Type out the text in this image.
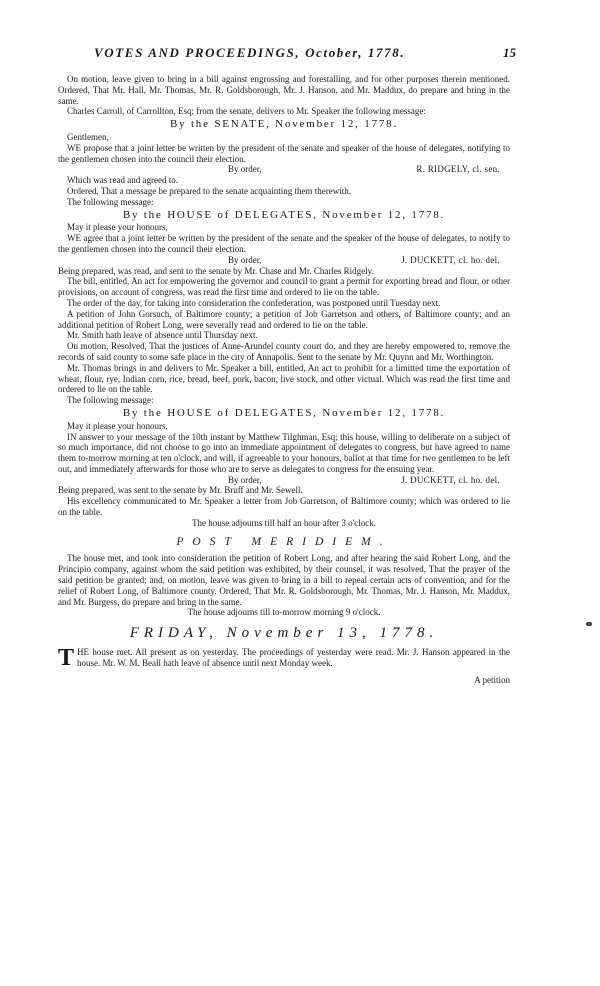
VOTES AND PROCEEDINGS, October, 1778.	15

On motion, leave given to bring in a bill against engrossing and forestalling, and for other purposes therein mentioned. Ordered, That Mr. Hall, Mr. Thomas, Mr. R. Goldsborough, Mr. J. Hanson, and Mr. Maddux, do prepare and bring in the same.

Charles Carroll, of Carrollton, Esq; from the senate, delivers to Mr. Speaker the following message:

By the SENATE, November 12, 1778.

Gentlemen,

WE propose that a joint letter be written by the president of the senate and speaker of the house of delegates, notifying to the gentlemen chosen into the council their election.

By order,	R. RIDGELY, cl. sen.

Which was read and agreed to.

Ordered, That a message be prepared to the senate acquainting them therewith.

The following message:

By the HOUSE of DELEGATES, November 12, 1778.

May it please your honours,

WE agree that a joint letter be written by the president of the senate and the speaker of the house of delegates, to notify to the gentlemen chosen into the council their election.

By order,	J. DUCKETT, cl. ho. del.

Being prepared, was read, and sent to the senate by Mr. Chase and Mr. Charles Ridgely.

The bill, entitled, An act for empowering the governor and council to grant a permit for exporting bread and flour, or other provisions, on account of congress, was read the first time and ordered to lie on the table.

The order of the day, for taking into consideration the confederation, was postponed until Tuesday next.

A petition of John Gorsuch, of Baltimore county; a petition of Job Garretson and others, of Baltimore county; and an additional petition of Robert Long, were severally read and ordered to lie on the table.

Mr. Smith hath leave of absence until Thursday next.

On motion, Resolved, That the justices of Anne-Arundel county court do, and they are hereby empowered to, remove the records of said county to some safe place in the city of Annapolis. Sent to the senate by Mr. Quynn and Mr. Worthington.

Mr. Thomas brings in and delivers to Mr. Speaker a bill, entitled, An act to prohibit for a limitted time the exportation of wheat, flour, rye, Indian corn, rice, bread, beef, pork, bacon, live stock, and other victual. Which was read the first time and ordered to lie on the table.

The following message:

By the HOUSE of DELEGATES, November 12, 1778.

May it please your honours,

IN answer to your message of the 10th instant by Matthew Tilghman, Esq; this house, willing to deliberate on a subject of so much importance, did not choose to go into an immediate appointment of delegates to congress, but have agreed to name them to-morrow morning at ten o'clock, and will, if agreeable to your honours, ballot at that time for two gentlemen to be left out, and immediately afterwards for those who are to serve as delegates to congress for the ensuing year.

By order,	J. DUCKETT, cl. ho. del.

Being prepared, was sent to the senate by Mr. Bruff and Mr. Sewell.

His excellency communicated to Mr. Speaker a letter from Job Garretson, of Baltimore county; which was ordered to lie on the table.

The house adjourns till half an hour after 3 o'clock.

POST MERIDIEM.

The house met, and took into consideration the petition of Robert Long, and after hearing the said Robert Long, and the Principio company, against whom the said petition was exhibited, by their counsel, it was resolved, That the prayer of the said petition be granted; and, on motion, leave was given to bring in a bill to repeal certain acts of convention, and for the relief of Robert Long, of Baltimore county. Ordered, That Mr. R. Goldsborough, Mr. Thomas, Mr. J. Hanson, Mr. Maddux, and Mr. Burgess, do prepare and bring in the same.

The house adjourns till to-morrow morning 9 o'clock.

FRIDAY, November 13, 1778.

T HE house met. All present as on yesterday. The proceedings of yesterday were read. Mr. J. Hanson appeared in the house. Mr. W. M. Beall hath leave of absence until next Monday week.

A petition
